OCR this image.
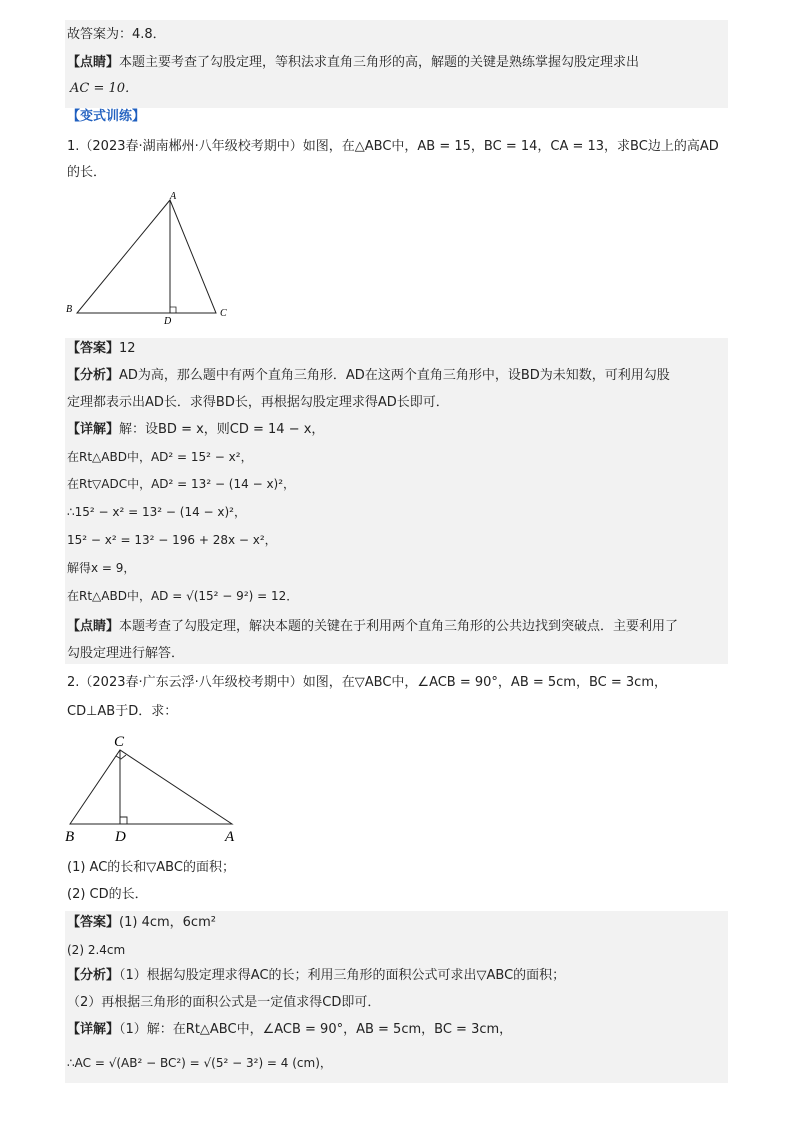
故答案为：4.8．
【点睛】本题主要考查了勾股定理，等积法求直角三角形的高，解题的关键是熟练掌握勾股定理求出
AC = 10．
【变式训练】
1.（2023春·湖南郴州·八年级校考期中）如图，在△ABC中，AB = 15，BC = 14，CA = 13，求BC边上的高AD
的长．
A
B	C
D
【答案】12
【分析】AD为高，那么题中有两个直角三角形．AD在这两个直角三角形中，设BD为未知数，可利用勾股
定理都表示出AD长．求得BD长，再根据勾股定理求得AD长即可．
【详解】解：设BD = x，则CD = 14 − x，
在Rt△ABD中，AD² = 15² − x²，
在Rt▽ADC中，AD² = 13² − (14 − x)²，
∴15² − x² = 13² − (14 − x)²，
15² − x² = 13² − 196 + 28x − x²，
解得x = 9，
在Rt△ABD中，AD = √(15² − 9²) = 12．
【点睛】本题考查了勾股定理，解决本题的关键在于利用两个直角三角形的公共边找到突破点．主要利用了
勾股定理进行解答．
2.（2023春·广东云浮·八年级校考期中）如图，在▽ABC中，∠ACB = 90°，AB = 5cm，BC = 3cm，
CD⊥AB于D．求：
C
B	D	A
(1) AC的长和▽ABC的面积；
(2) CD的长．
【答案】(1) 4cm，6cm²
(2) 2.4cm
【分析】（1）根据勾股定理求得AC的长；利用三角形的面积公式可求出▽ABC的面积；
（2）再根据三角形的面积公式是一定值求得CD即可．
【详解】（1）解：在Rt△ABC中，∠ACB = 90°，AB = 5cm，BC = 3cm，
∴AC = √(AB² − BC²) = √(5² − 3²) = 4 (cm)，
